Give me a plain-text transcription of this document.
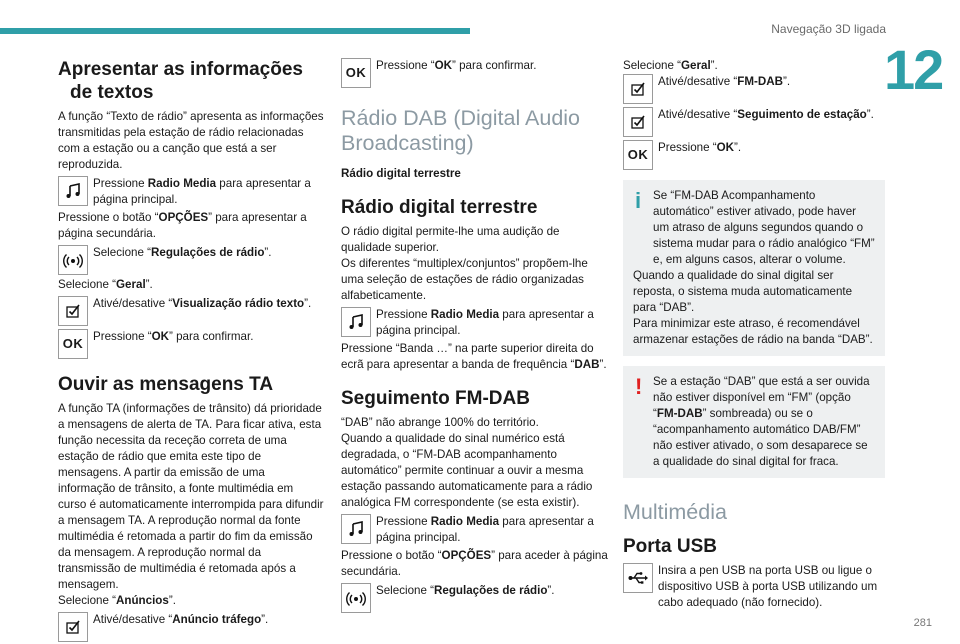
Navegação 3D ligada
12
281
Apresentar as informações de textos

A função “Texto de rádio” apresenta as informações transmitidas pela estação de rádio relacionadas com a estação ou a canção que está a ser reproduzida.

Pressione Radio Media para apresentar a página principal.

Pressione o botão “OPÇÕES” para apresentar a página secundária.

Selecione “Regulações de rádio”.

Selecione “Geral”.

Ativé/desative “Visualização rádio texto”.
OK Pressione “OK” para confirmar.
Ouvir as mensagens TA

A função TA (informações de trânsito) dá prioridade a mensagens de alerta de TA. Para ficar ativa, esta função necessita da receção correta de uma estação de rádio que emita este tipo de mensagens. A partir da emissão de uma informação de trânsito, a fonte multimédia em curso é automaticamente interrompida para difundir a mensagem TA. A reprodução normal da fonte multimédia é retomada a partir do fim da emissão da mensagem. A reprodução normal da transmissão de multimédia é retomada após a mensagem.

Selecione “Anúncios”.

Ativé/desative “Anúncio tráfego”.
OK Pressione “OK” para confirmar.
Rádio DAB (Digital Audio Broadcasting)

Rádio digital terrestre

Rádio digital terrestre

O rádio digital permite-lhe uma audição de qualidade superior.
Os diferentes “multiplex/conjuntos” propõem-lhe uma seleção de estações de rádio organizadas alfabeticamente.

Pressione Radio Media para apresentar a página principal.

Pressione “Banda …” na parte superior direita do ecrã para apresentar a banda de frequência “DAB”.

Seguimento FM-DAB

“DAB” não abrange 100% do território.
Quando a qualidade do sinal numérico está degradada, o “FM-DAB acompanhamento automático” permite continuar a ouvir a mesma estação passando automaticamente para a rádio analógica FM correspondente (se esta existir).

Pressione Radio Media para apresentar a página principal.

Pressione o botão “OPÇÕES” para aceder à página secundária.

Selecione “Regulações de rádio”.

Selecione “Geral”.

Ativé/desative “FM-DAB”.
Ativé/desative “Seguimento de estação”.
OK Pressione “OK”.
i	Se “FM-DAB Acompanhamento automático” estiver ativado, pode haver um atraso de alguns segundos quando o sistema mudar para o rádio analógico “FM” e, em alguns casos, alterar o volume.

Quando a qualidade do sinal digital ser reposta, o sistema muda automaticamente para “DAB”.
Para minimizar este atraso, é recomendável armazenar estações de rádio na banda “DAB”.

! Se a estação “DAB” que está a ser ouvida não estiver disponível em “FM” (opção “FM-DAB” sombreada) ou se o “acompanhamento automático DAB/FM” não estiver ativado, o som desaparece se a qualidade do sinal digital for fraca.

Multimédia
Porta USB
Insira a pen USB na porta USB ou ligue o dispositivo USB à porta USB utilizando um cabo adequado (não fornecido).
